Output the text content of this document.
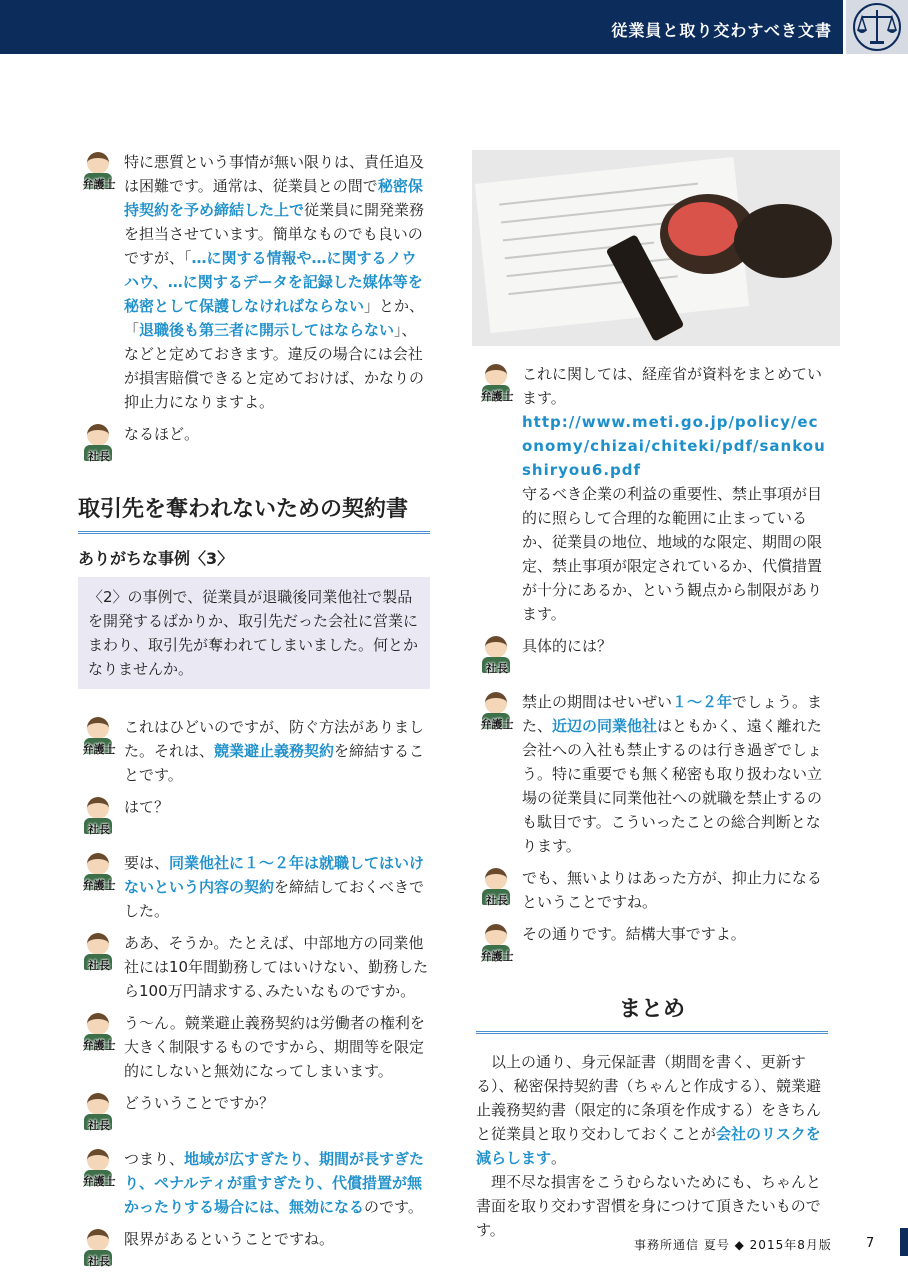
従業員と取り交わすべき文書
弁護士
特に悪質という事情が無い限りは、責任追及は困難です。通常は、従業員との間で秘密保持契約を予め締結した上で従業員に開発業務を担当させています。簡単なものでも良いのですが、「…に関する情報や…に関するノウハウ、…に関するデータを記録した媒体等を秘密として保護しなければならない」とか、「退職後も第三者に開示してはならない」、などと定めておきます。違反の場合には会社が損害賠償できると定めておけば、かなりの抑止力になりますよ。
社長
なるほど。
取引先を奪われないための契約書
ありがちな事例〈3〉
〈2〉の事例で、従業員が退職後同業他社で製品を開発するばかりか、取引先だった会社に営業にまわり、取引先が奪われてしまいました。何とかなりませんか。
弁護士
これはひどいのですが、防ぐ方法がありました。それは、競業避止義務契約を締結することです。
社長
はて？
弁護士
要は、同業他社に１～２年は就職してはいけないという内容の契約を締結しておくべきでした。
社長
ああ、そうか。たとえば、中部地方の同業他社には10年間勤務してはいけない、勤務したら100万円請求する､みたいなものですか。
弁護士
う～ん。競業避止義務契約は労働者の権利を大きく制限するものですから、期間等を限定的にしないと無効になってしまいます。
社長
どういうことですか？
弁護士
つまり、地域が広すぎたり、期間が長すぎたり、ペナルティが重すぎたり、代償措置が無かったりする場合には、無効になるのです。
社長
限界があるということですね。
弁護士
これに関しては、経産省が資料をまとめています。
http://www.meti.go.jp/policy/economy/chizai/chiteki/pdf/sankoushiryou6.pdf
守るべき企業の利益の重要性、禁止事項が目的に照らして合理的な範囲に止まっているか、従業員の地位、地域的な限定、期間の限定、禁止事項が限定されているか、代償措置が十分にあるか、という観点から制限があります。
社長
具体的には？
弁護士
禁止の期間はせいぜい１～２年でしょう。また、近辺の同業他社はともかく、遠く離れた会社への入社も禁止するのは行き過ぎでしょう。特に重要でも無く秘密も取り扱わない立場の従業員に同業他社への就職を禁止するのも駄目です。こういったことの総合判断となります。
社長
でも、無いよりはあった方が、抑止力になるということですね。
弁護士
その通りです。結構大事ですよ。
まとめ

以上の通り、身元保証書（期間を書く、更新する）、秘密保持契約書（ちゃんと作成する）、競業避止義務契約書（限定的に条項を作成する）をきちんと従業員と取り交わしておくことが会社のリスクを減らします。

理不尽な損害をこうむらないためにも、ちゃんと書面を取り交わす習慣を身につけて頂きたいものです。

事務所通信 夏号 ◆ 2015年8月版	7
